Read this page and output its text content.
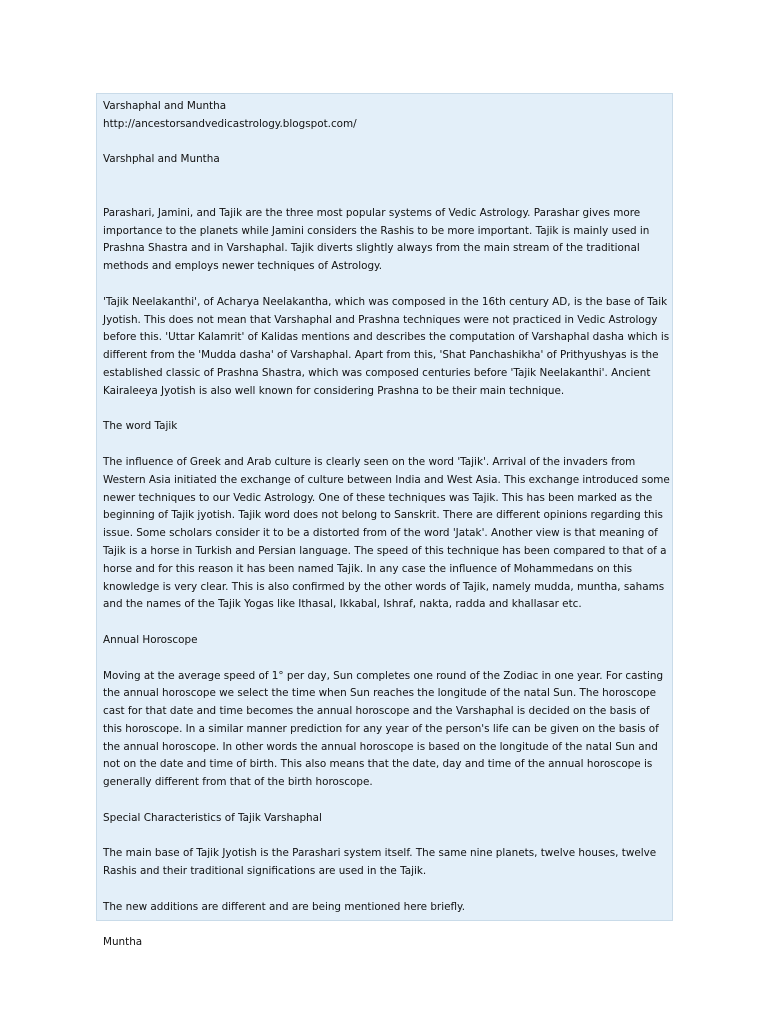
Varshaphal and Muntha

http://ancestorsandvedicastrology.blogspot.com/

Varshphal and Muntha

Parashari, Jamini, and Tajik are the three most popular systems of Vedic Astrology. Parashar gives more importance to the planets while Jamini considers the Rashis to be more important. Tajik is mainly used in Prashna Shastra and in Varshaphal. Tajik diverts slightly always from the main stream of the traditional methods and employs newer techniques of Astrology.

'Tajik Neelakanthi', of Acharya Neelakantha, which was composed in the 16th century AD, is the base of Taik Jyotish. This does not mean that Varshaphal and Prashna techniques were not practiced in Vedic Astrology before this. 'Uttar Kalamrit' of Kalidas mentions and describes the computation of Varshaphal dasha which is different from the 'Mudda dasha' of Varshaphal. Apart from this, 'Shat Panchashikha' of Prithyushyas is the established classic of Prashna Shastra, which was composed centuries before 'Tajik Neelakanthi'. Ancient Kairaleeya Jyotish is also well known for considering Prashna to be their main technique.

The word Tajik

The influence of Greek and Arab culture is clearly seen on the word 'Tajik'. Arrival of the invaders from Western Asia initiated the exchange of culture between India and West Asia. This exchange introduced some newer techniques to our Vedic Astrology. One of these techniques was Tajik. This has been marked as the beginning of Tajik jyotish. Tajik word does not belong to Sanskrit. There are different opinions regarding this issue. Some scholars consider it to be a distorted from of the word 'Jatak'. Another view is that meaning of Tajik is a horse in Turkish and Persian language. The speed of this technique has been compared to that of a horse and for this reason it has been named Tajik. In any case the influence of Mohammedans on this knowledge is very clear. This is also confirmed by the other words of Tajik, namely mudda, muntha, sahams and the names of the Tajik Yogas like Ithasal, Ikkabal, Ishraf, nakta, radda and khallasar etc.

Annual Horoscope

Moving at the average speed of 1° per day, Sun completes one round of the Zodiac in one year. For casting the annual horoscope we select the time when Sun reaches the longitude of the natal Sun. The horoscope cast for that date and time becomes the annual horoscope and the Varshaphal is decided on the basis of this horoscope. In a similar manner prediction for any year of the person's life can be given on the basis of the annual horoscope. In other words the annual horoscope is based on the longitude of the natal Sun and not on the date and time of birth. This also means that the date, day and time of the annual horoscope is generally different from that of the birth horoscope.

Special Characteristics of Tajik Varshaphal

The main base of Tajik Jyotish is the Parashari system itself. The same nine planets, twelve houses, twelve Rashis and their traditional significations are used in the Tajik.

The new additions are different and are being mentioned here briefly.

Muntha
